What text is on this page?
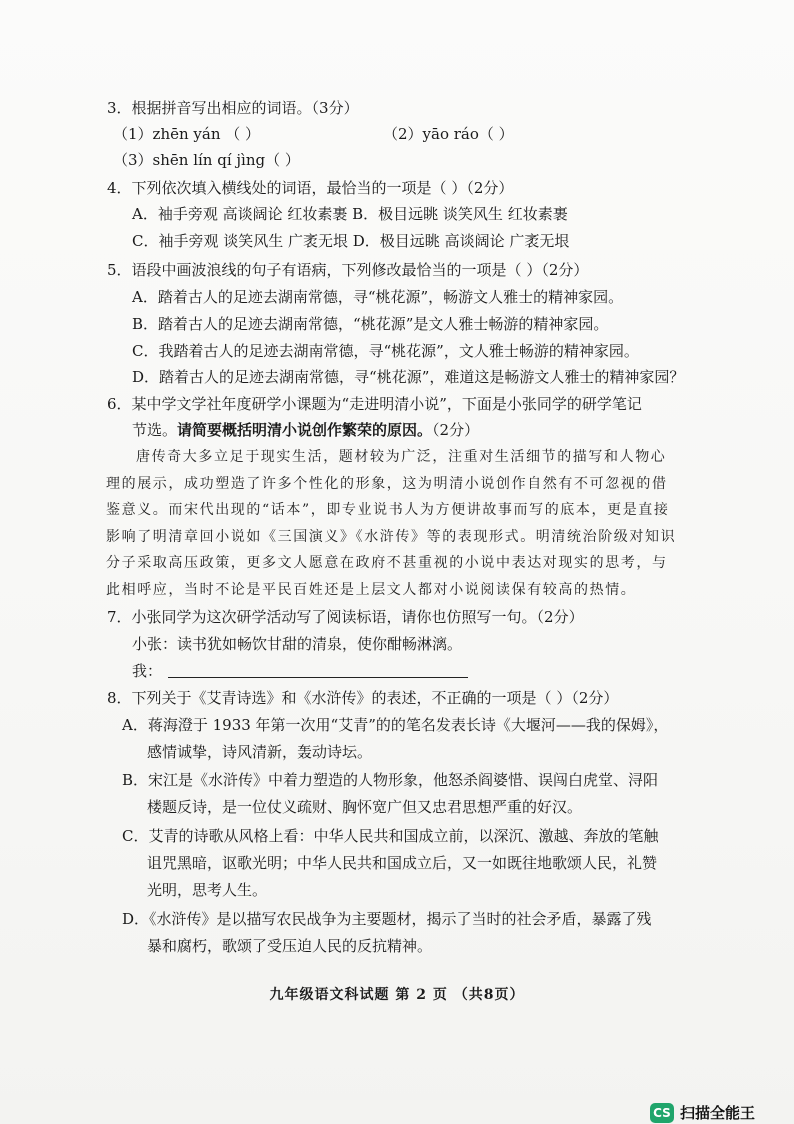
3．根据拼音写出相应的词语。（3分）
（1）zhēn yán （ ）	（2）yāo ráo（ ）
（3）shēn lín qí jìng（ ）
4．下列依次填入横线处的词语，最恰当的一项是（ ）（2分）
A．袖手旁观 高谈阔论 红妆素裹 B．极目远眺 谈笑风生 红妆素裹
C．袖手旁观 谈笑风生 广袤无垠 D．极目远眺 高谈阔论 广袤无垠
5．语段中画波浪线的句子有语病，下列修改最恰当的一项是（ ）（2分）
A．踏着古人的足迹去湖南常德，寻“桃花源”，畅游文人雅士的精神家园。
B．踏着古人的足迹去湖南常德，“桃花源”是文人雅士畅游的精神家园。
C．我踏着古人的足迹去湖南常德，寻“桃花源”，文人雅士畅游的精神家园。
D．踏着古人的足迹去湖南常德，寻“桃花源”，难道这是畅游文人雅士的精神家园？
6．某中学文学社年度研学小课题为“走进明清小说”，下面是小张同学的研学笔记
节选。请简要概括明清小说创作繁荣的原因。（2分）
唐传奇大多立足于现实生活，题材较为广泛，注重对生活细节的描写和人物心理的展示，成功塑造了许多个性化的形象，这为明清小说创作自然有不可忽视的借鉴意义。而宋代出现的“话本”，即专业说书人为方便讲故事而写的底本，更是直接影响了明清章回小说如《三国演义》《水浒传》等的表现形式。明清统治阶级对知识分子采取高压政策，更多文人愿意在政府不甚重视的小说中表达对现实的思考，与此相呼应，当时不论是平民百姓还是上层文人都对小说阅读保有较高的热情。
7．小张同学为这次研学活动写了阅读标语，请你也仿照写一句。（2分）
小张：读书犹如畅饮甘甜的清泉，使你酣畅淋漓。
我：
8．下列关于《艾青诗选》和《水浒传》的表述，不正确的一项是（ ）（2分）
A．蒋海澄于 1933 年第一次用“艾青”的的笔名发表长诗《大堰河——我的保姆》，
感情诚挚，诗风清新，轰动诗坛。
B．宋江是《水浒传》中着力塑造的人物形象，他怒杀阎婆惜、误闯白虎堂、浔阳
楼题反诗，是一位仗义疏财、胸怀宽广但又忠君思想严重的好汉。
C．艾青的诗歌从风格上看：中华人民共和国成立前，以深沉、激越、奔放的笔触
诅咒黑暗，讴歌光明；中华人民共和国成立后，又一如既往地歌颂人民，礼赞
光明，思考人生。
D．《水浒传》是以描写农民战争为主要题材，揭示了当时的社会矛盾，暴露了残
暴和腐朽，歌颂了受压迫人民的反抗精神。
九年级语文科试题 第 2 页 （共8页）
CS 扫描全能王
